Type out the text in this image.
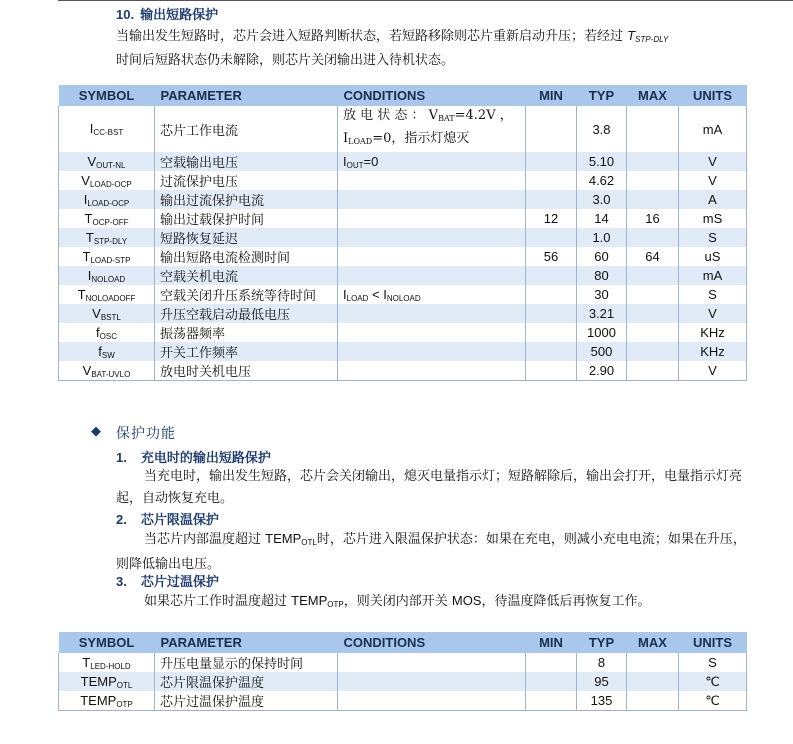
10. 输出短路保护
当输出发生短路时，芯片会进入短路判断状态，若短路移除则芯片重新启动升压；若经过 $T_{STP-DLY}$
时间后短路状态仍未解除，则芯片关闭输出进入待机状态。
SYMBOL	PARAMETER	CONDITIONS	MIN	TYP	MAX	UNITS
$I_{CC-BST}$	芯片工作电流	放 电 状 态 ： $V_{BAT}=4.2V$ ，
$I_{LOAD}=0$，指示灯熄灭		3.8		mA
$V_{OUT-NL}$	空载输出电压	$I_{OUT}=0$		5.10		V
$V_{LOAD-OCP}$	过流保护电压			4.62		V
$I_{LOAD-OCP}$	输出过流保护电流			3.0		A
$T_{OCP-OFF}$	输出过载保护时间		12	14	16	mS
$T_{STP-DLY}$	短路恢复延迟			1.0		S
$T_{LOAD-STP}$	输出短路电流检测时间		56	60	64	uS
$I_{NOLOAD}$	空载关机电流			80		mA
$T_{NOLOADOFF}$	空载关闭升压系统等待时间	$I_{LOAD} < I_{NOLOAD}$		30		S
$V_{BSTL}$	升压空载启动最低电压			3.21		V
$f_{OSC}$	振荡器频率			1000		KHz
$f_{SW}$	开关工作频率			500		KHz
$V_{BAT-UVLO}$	放电时关机电压			2.90		V
◆ 保护功能
1. 充电时的输出短路保护
当充电时，输出发生短路，芯片会关闭输出，熄灭电量指示灯；短路解除后，输出会打开，电量指示灯亮起，自动恢复充电。
2. 芯片限温保护
当芯片内部温度超过 $TEMP_{OTL}$时，芯片进入限温保护状态：如果在充电，则减小充电电流；如果在升压，则降低输出电压。
3. 芯片过温保护
如果芯片工作时温度超过 $TEMP_{OTP}$，则关闭内部开关 MOS，待温度降低后再恢复工作。
SYMBOL	PARAMETER	CONDITIONS	MIN	TYP	MAX	UNITS
$T_{LED-HOLD}$	升压电量显示的保持时间			8		S
$TEMP_{OTL}$	芯片限温保护温度			95		℃
$TEMP_{OTP}$	芯片过温保护温度			135		℃
